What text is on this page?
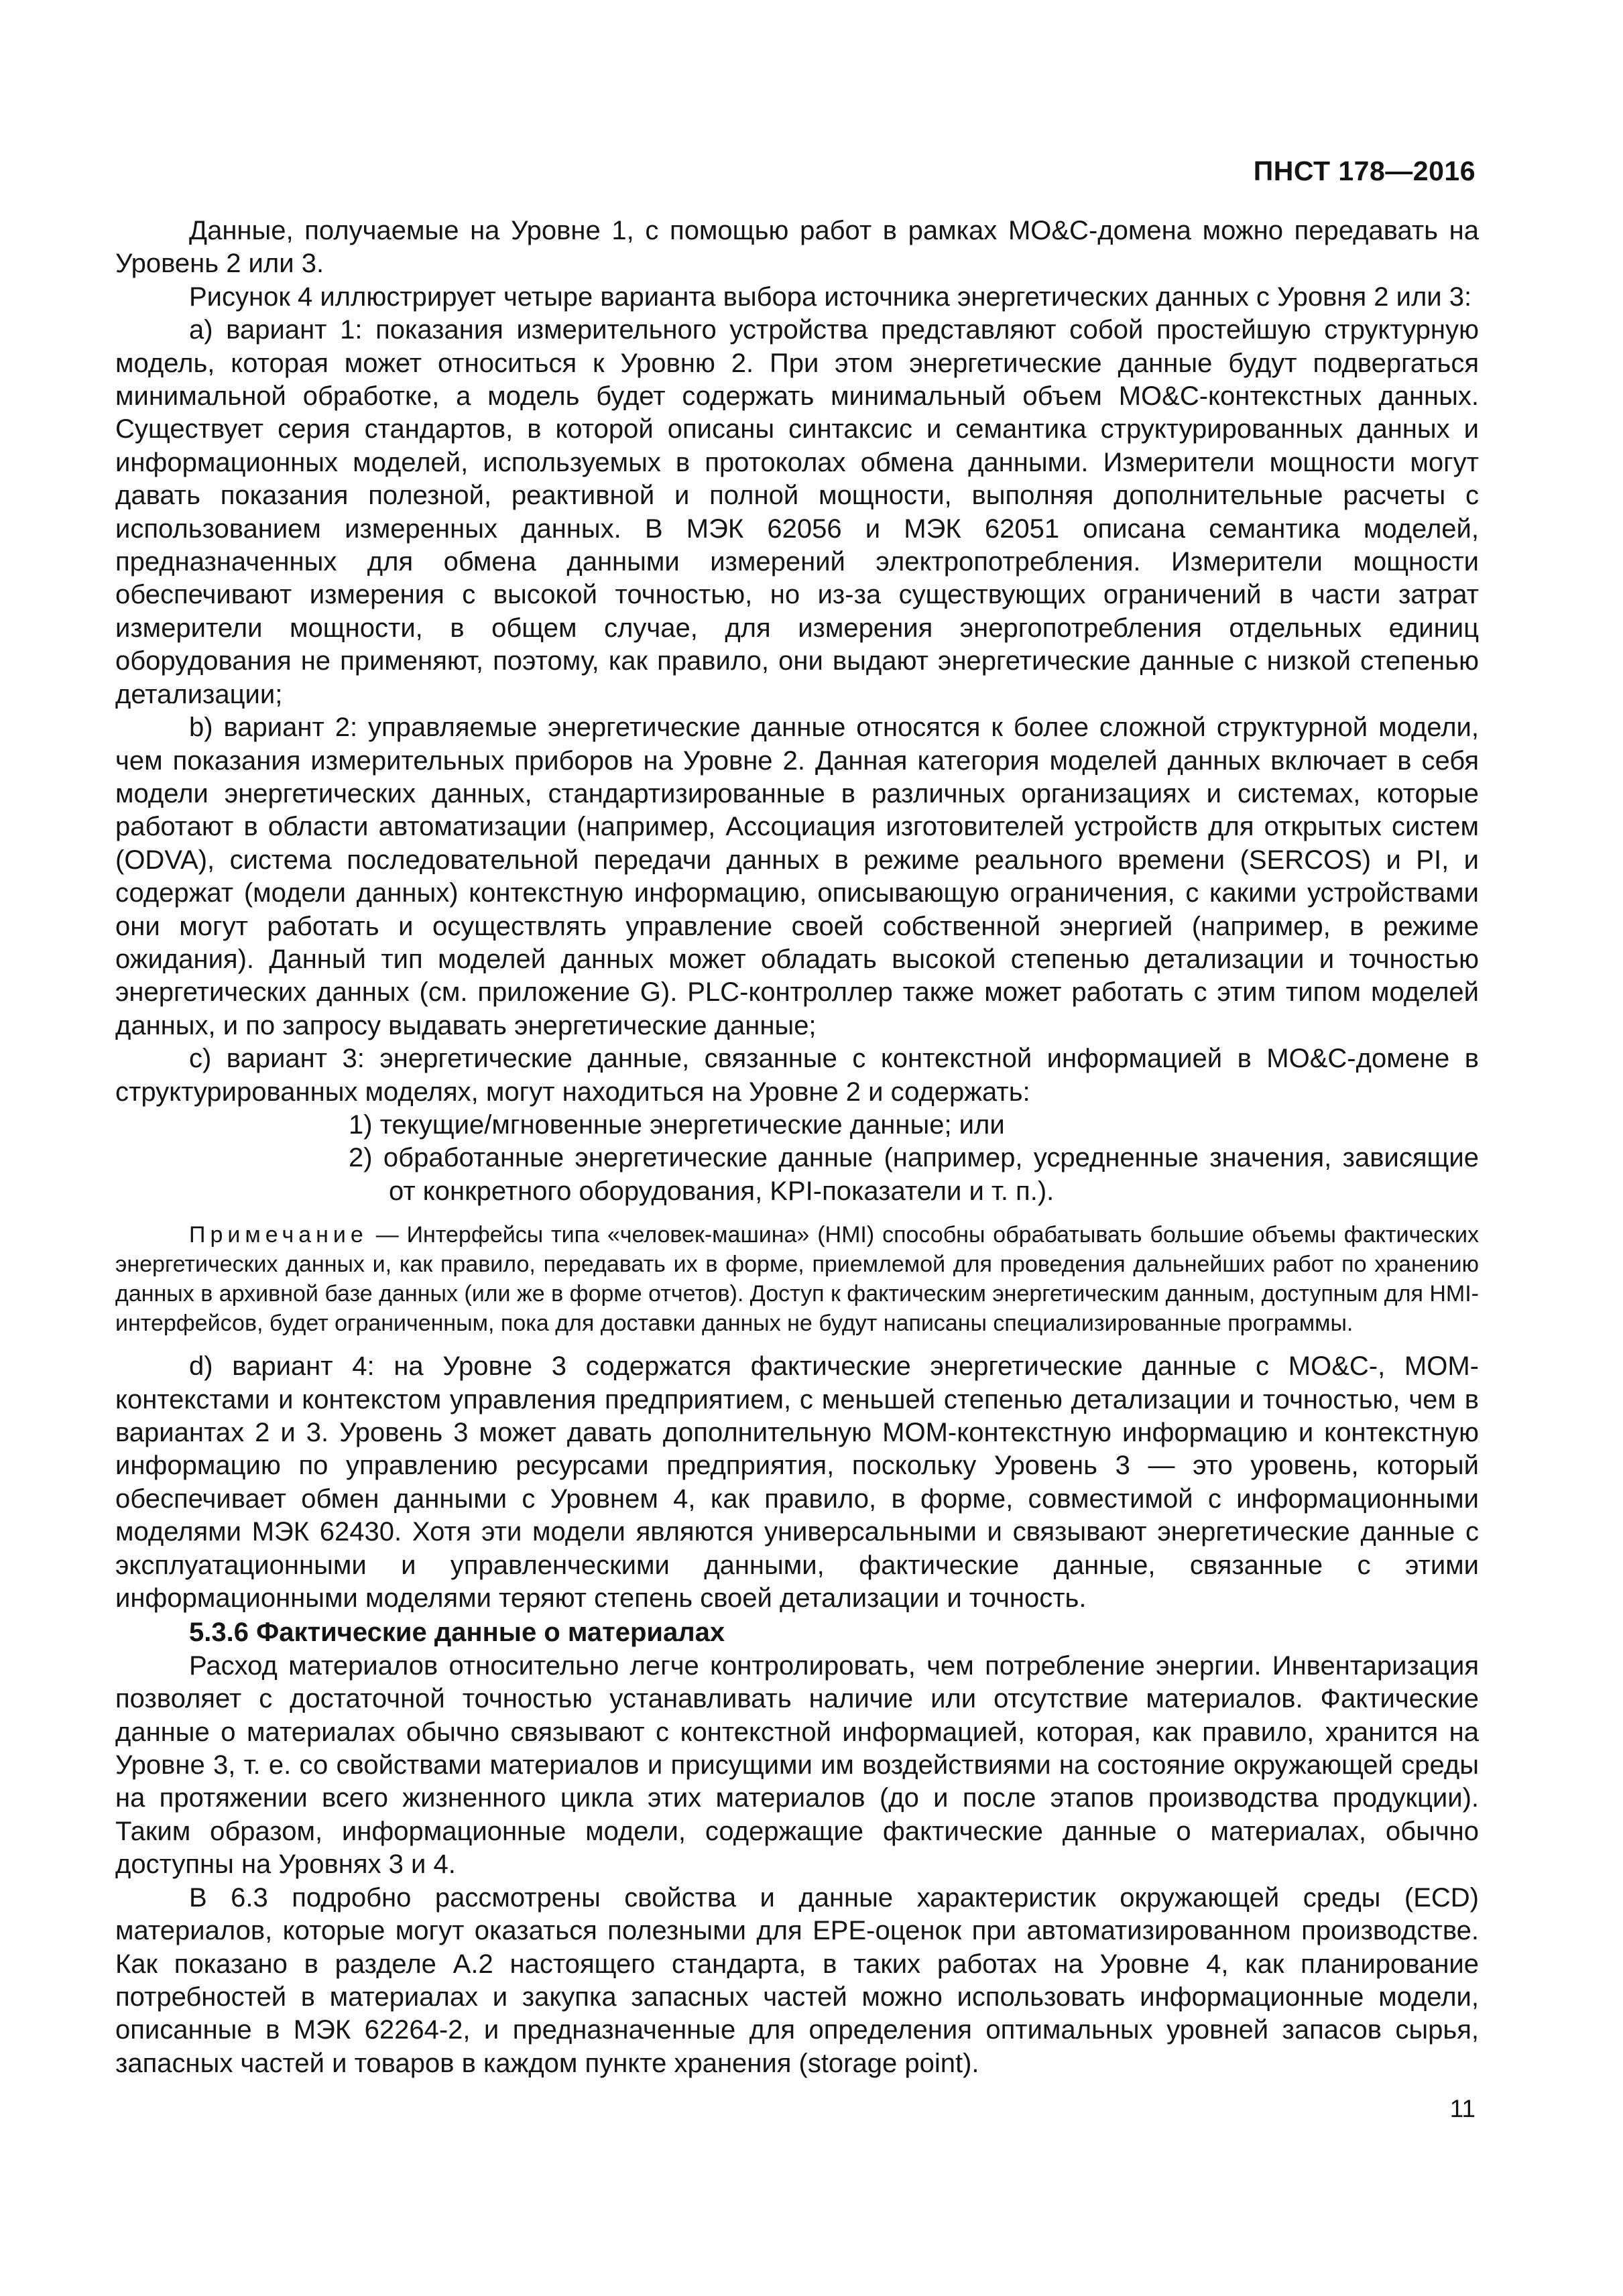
ПНСТ 178—2016

Данные, получаемые на Уровне 1, с помощью работ в рамках MO&C-домена можно передавать на Уровень 2 или 3.

Рисунок 4 иллюстрирует четыре варианта выбора источника энергетических данных с Уровня 2 или 3:

a) вариант 1: показания измерительного устройства представляют собой простейшую структурную модель, которая может относиться к Уровню 2. При этом энергетические данные будут подвергаться минимальной обработке, а модель будет содержать минимальный объем MO&C-контекстных данных. Существует серия стандартов, в которой описаны синтаксис и семантика структурированных данных и информационных моделей, используемых в протоколах обмена данными. Измерители мощности могут давать показания полезной, реактивной и полной мощности, выполняя дополнительные расчеты с использованием измеренных данных. В МЭК 62056 и МЭК 62051 описана семантика моделей, предназначенных для обмена данными измерений электропотребления. Измерители мощности обеспечивают измерения с высокой точностью, но из-за существующих ограничений в части затрат измерители мощности, в общем случае, для измерения энергопотребления отдельных единиц оборудования не применяют, поэтому, как правило, они выдают энергетические данные с низкой степенью детализации;

b) вариант 2: управляемые энергетические данные относятся к более сложной структурной модели, чем показания измерительных приборов на Уровне 2. Данная категория моделей данных включает в себя модели энергетических данных, стандартизированные в различных организациях и системах, которые работают в области автоматизации (например, Ассоциация изготовителей устройств для открытых систем (ODVA), система последовательной передачи данных в режиме реального времени (SERCOS) и PI, и содержат (модели данных) контекстную информацию, описывающую ограничения, с какими устройствами они могут работать и осуществлять управление своей собственной энергией (например, в режиме ожидания). Данный тип моделей данных может обладать высокой степенью детализации и точностью энергетических данных (см. приложение G). PLC-контроллер также может работать с этим типом моделей данных, и по запросу выдавать энергетические данные;

c) вариант 3: энергетические данные, связанные с контекстной информацией в MO&C-домене в структурированных моделях, могут находиться на Уровне 2 и содержать:

1) текущие/мгновенные энергетические данные; или

2) обработанные энергетические данные (например, усредненные значения, зависящие от конкретного оборудования, KPI-показатели и т. п.).

Примечание — Интерфейсы типа «человек-машина» (HMI) способны обрабатывать большие объемы фактических энергетических данных и, как правило, передавать их в форме, приемлемой для проведения дальнейших работ по хранению данных в архивной базе данных (или же в форме отчетов). Доступ к фактическим энергетическим данным, доступным для HMI-интерфейсов, будет ограниченным, пока для доставки данных не будут написаны специализированные программы.

d) вариант 4: на Уровне 3 содержатся фактические энергетические данные с MO&C-, MOM-контекстами и контекстом управления предприятием, с меньшей степенью детализации и точностью, чем в вариантах 2 и 3. Уровень 3 может давать дополнительную MOM-контекстную информацию и контекстную информацию по управлению ресурсами предприятия, поскольку Уровень 3 — это уровень, который обеспечивает обмен данными с Уровнем 4, как правило, в форме, совместимой с информационными моделями МЭК 62430. Хотя эти модели являются универсальными и связывают энергетические данные с эксплуатационными и управленческими данными, фактические данные, связанные с этими информационными моделями теряют степень своей детализации и точность.

5.3.6 Фактические данные о материалах

Расход материалов относительно легче контролировать, чем потребление энергии. Инвентаризация позволяет с достаточной точностью устанавливать наличие или отсутствие материалов. Фактические данные о материалах обычно связывают с контекстной информацией, которая, как правило, хранится на Уровне 3, т. е. со свойствами материалов и присущими им воздействиями на состояние окружающей среды на протяжении всего жизненного цикла этих материалов (до и после этапов производства продукции). Таким образом, информационные модели, содержащие фактические данные о материалах, обычно доступны на Уровнях 3 и 4.

В 6.3 подробно рассмотрены свойства и данные характеристик окружающей среды (ECD) материалов, которые могут оказаться полезными для EPE-оценок при автоматизированном производстве. Как показано в разделе А.2 настоящего стандарта, в таких работах на Уровне 4, как планирование потребностей в материалах и закупка запасных частей можно использовать информационные модели, описанные в МЭК 62264-2, и предназначенные для определения оптимальных уровней запасов сырья, запасных частей и товаров в каждом пункте хранения (storage point).

11
